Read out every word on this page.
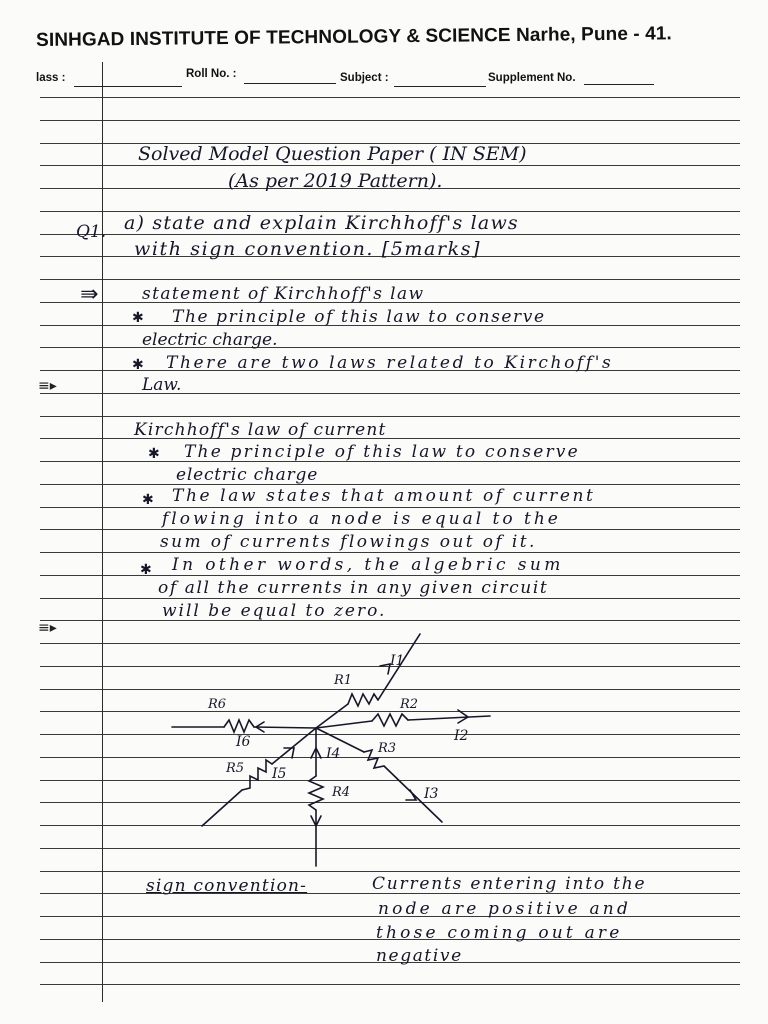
SINHGAD INSTITUTE OF TECHNOLOGY & SCIENCE Narhe, Pune - 41.
lass :	Roll No. :	Subject :	Supplement No.
Solved Model Question Paper ( IN SEM)
(As per 2019 Pattern).
Q1. a) state and explain Kirchhoff's laws
with sign convention. [5marks]
⇛	statement of Kirchhoff's law
✱ The principle of this law to conserve
electric charge.
✱ There are two laws related to Kirchoff's
Law.
≡▸
Kirchhoff's law of current
✱ The principle of this law to conserve
electric charge
✱ The law states that amount of current
flowing into a node is equal to the
sum of currents flowings out of it.
✱ In other words, the algebric sum
of all the currents in any given circuit
will be equal to zero.
≡▸
R1
I1
R2
I2
R6
I6	R3
I3
R4
I4
R5 I5
sign convention-	Currents entering into the
node are positive and
those coming out are
negative
